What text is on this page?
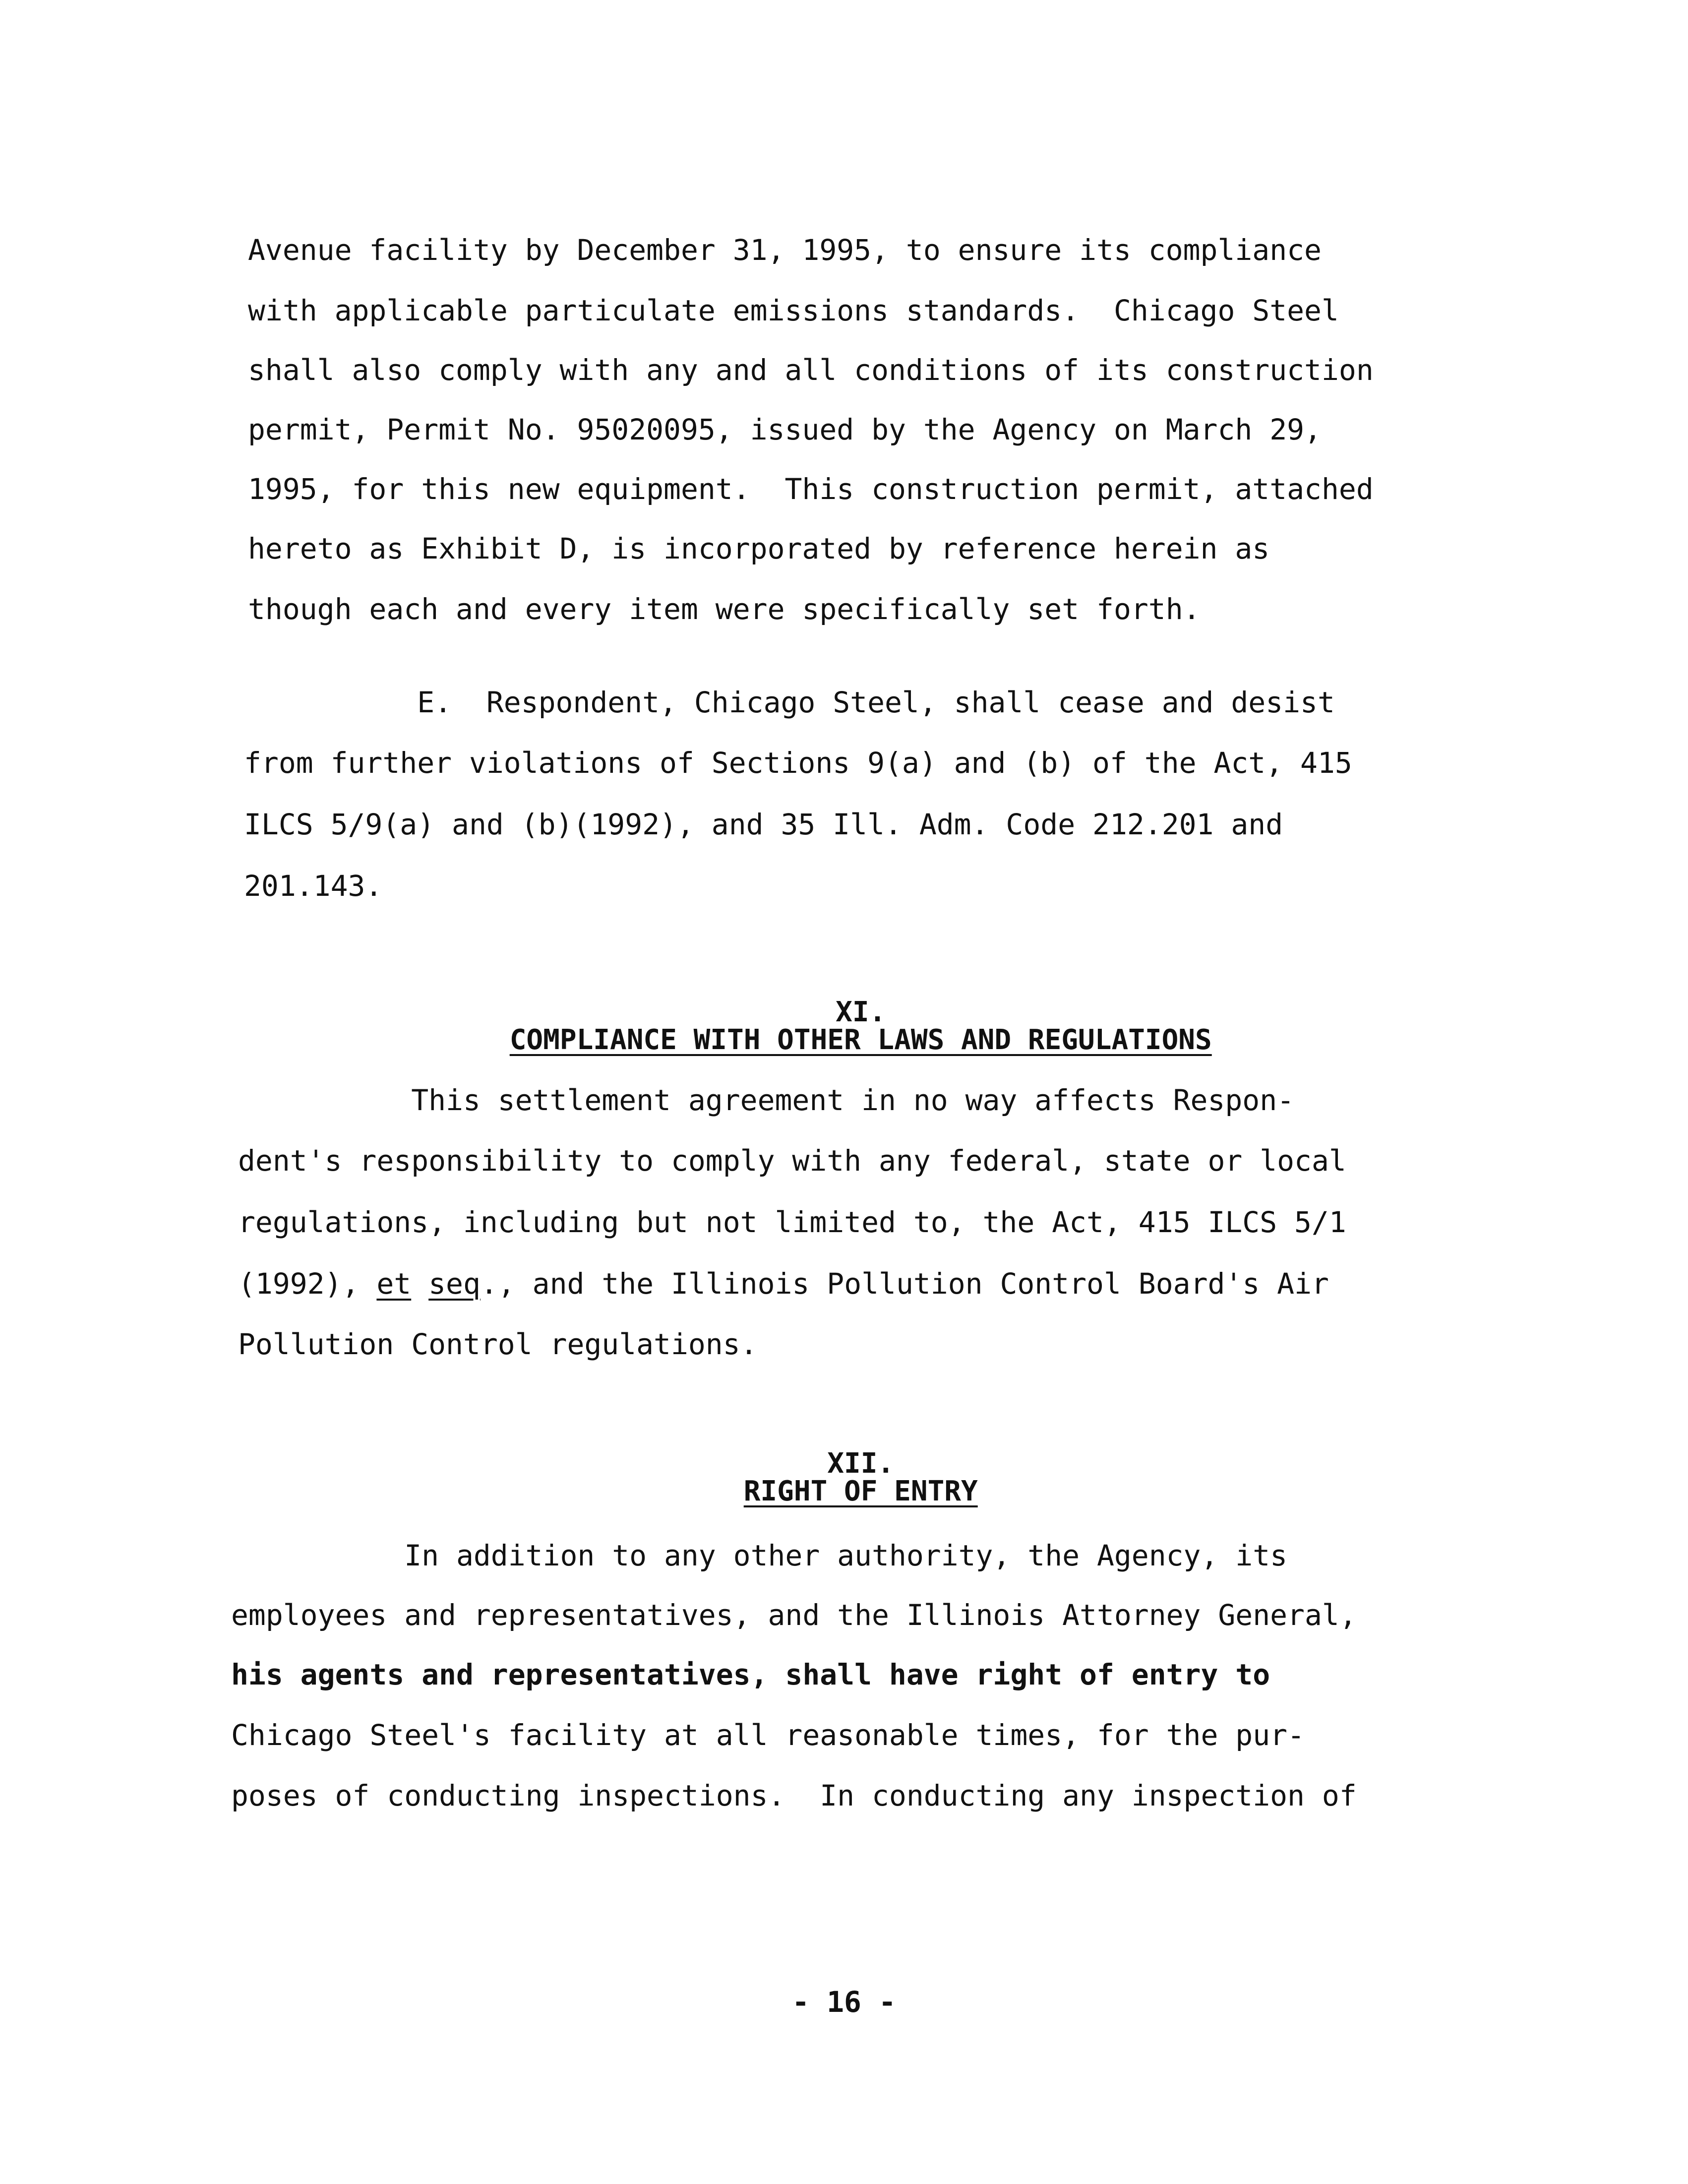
Avenue facility by December 31, 1995, to ensure its compliance
with applicable particulate emissions standards.  Chicago Steel
shall also comply with any and all conditions of its construction
permit, Permit No. 95020095, issued by the Agency on March 29,
1995, for this new equipment.  This construction permit, attached
hereto as Exhibit D, is incorporated by reference herein as
though each and every item were specifically set forth.
E.  Respondent, Chicago Steel, shall cease and desist
from further violations of Sections 9(a) and (b) of the Act, 415
ILCS 5/9(a) and (b)(1992), and 35 Ill. Adm. Code 212.201 and
201.143.

XI.

COMPLIANCE WITH OTHER LAWS AND REGULATIONS

This settlement agreement in no way affects Respon-
dent's responsibility to comply with any federal, state or local
regulations, including but not limited to, the Act, 415 ILCS 5/1
(1992), et seq., and the Illinois Pollution Control Board's Air
Pollution Control regulations.

XII.

RIGHT OF ENTRY

In addition to any other authority, the Agency, its
employees and representatives, and the Illinois Attorney General,
his agents and representatives, shall have right of entry to
Chicago Steel's facility at all reasonable times, for the pur-
poses of conducting inspections.  In conducting any inspection of
- 16 -
